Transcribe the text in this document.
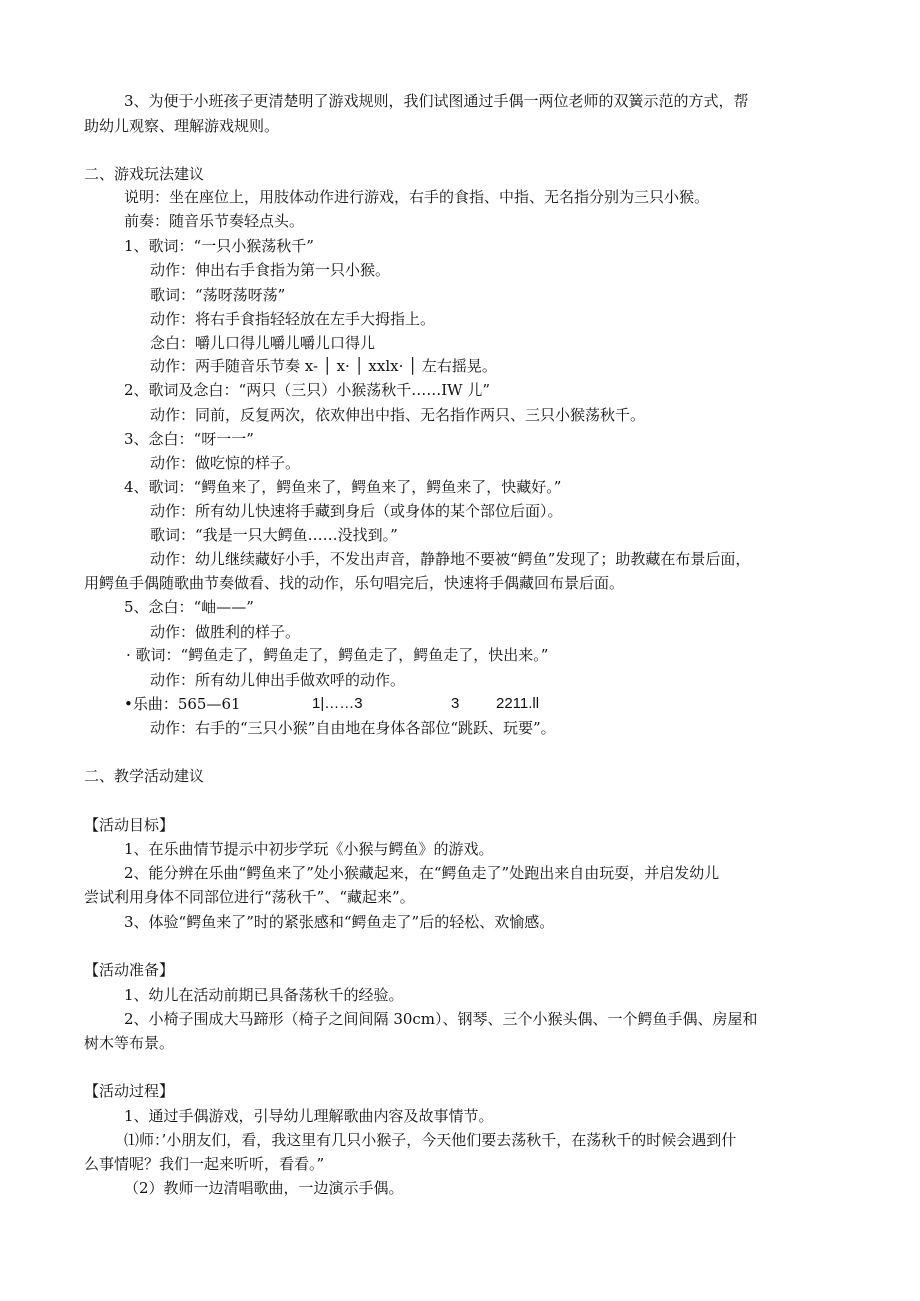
3、为便于小班孩子更清楚明了游戏规则，我们试图通过手偶一两位老师的双簧示范的方式，帮
助幼儿观察、理解游戏规则。
二、游戏玩法建议
说明：坐在座位上，用肢体动作进行游戏，右手的食指、中指、无名指分别为三只小猴。
前奏：随音乐节奏轻点头。
1、歌词：“一只小猴荡秋千”
动作：伸出右手食指为第一只小猴。
歌词：“荡呀荡呀荡”
动作：将右手食指轻轻放在左手大拇指上。
念白：嚼儿口得儿嚼儿嚼儿口得儿
动作：两手随音乐节奏 x- │ x· │ xxlx· │ 左右摇晃。
2、歌词及念白：“两只（三只）小猴荡秋千……IW 儿”
动作：同前，反复两次，依欢伸出中指、无名指作两只、三只小猴荡秋千。
3、念白：“呀一一”
动作：做吃惊的样子。
4、歌词：“鳄鱼来了，鳄鱼来了，鳄鱼来了，鳄鱼来了，快藏好。”
动作：所有幼儿快速将手藏到身后（或身体的某个部位后面）。
歌词：“我是一只大鳄鱼……没找到。”
动作：幼儿继续藏好小手，不发出声音，静静地不要被“鳄鱼”发现了；助教藏在布景后面，
用鳄鱼手偶随歌曲节奏做看、找的动作，乐句唱完后，快速将手偶藏回布景后面。
5、念白：“岫——”
动作：做胜利的样子。
· 歌词：“鳄鱼走了，鳄鱼走了，鳄鱼走了，鳄鱼走了，快出来。”
动作：所有幼儿伸出手做欢呼的动作。
•乐曲：565—61	1|……3	3 2211.ll
动作：右手的“三只小猴”自由地在身体各部位“跳跃、玩要”。
二、教学活动建议
【活动目标】
1、在乐曲情节提示中初步学玩《小猴与鳄鱼》的游戏。
2、能分辨在乐曲“鳄鱼来了”处小猴藏起来，在“鳄鱼走了”处跑出来自由玩耍，并启发幼儿
尝试利用身体不同部位进行“荡秋千”、“藏起来”。
3、体验“鳄鱼来了”时的紧张感和“鳄鱼走了”后的轻松、欢愉感。
【活动准备】
1、幼儿在活动前期已具备荡秋千的经验。
2、小椅子围成大马蹄形（椅子之间间隔 30cm）、钢琴、三个小猴头偶、一个鳄鱼手偶、房屋和
树木等布景。
【活动过程】
1、通过手偶游戏，引导幼儿理解歌曲内容及故事情节。
⑴师：’小朋友们，看，我这里有几只小猴子，今天他们要去荡秋千，在荡秋千的时候会遇到什
么事情呢？我们一起来听听，看看。”
（2）教师一边清唱歌曲，一边演示手偶。
